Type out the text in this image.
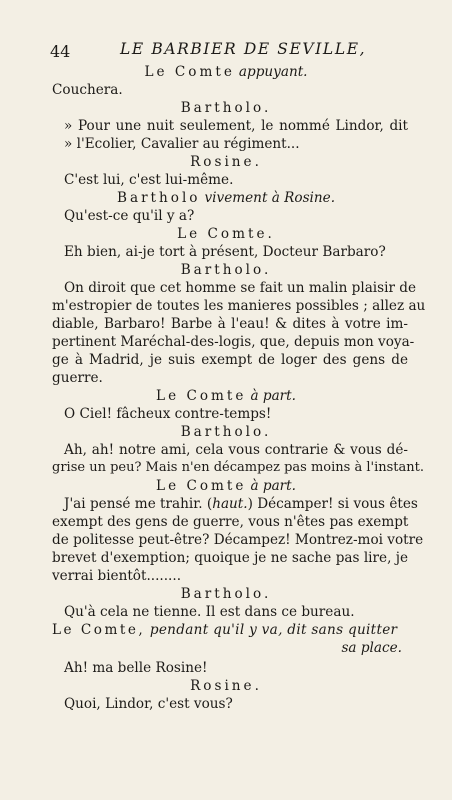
44	LE BARBIER DE SEVILLE,
Le Comte appuyant.
Couchera.
Bartholo.
» Pour une nuit seulement, le nommé Lindor, dit
» l'Ecolier, Cavalier au régiment...
Rosine.
C'est lui, c'est lui-même.
Bartholo vivement à Rosine.
Qu'est-ce qu'il y a?
Le Comte.
Eh bien, ai-je tort à présent, Docteur Barbaro?
Bartholo.
On diroit que cet homme se fait un malin plaisir de
m'estropier de toutes les manieres possibles ; allez au
diable, Barbaro! Barbe à l'eau! & dites à votre im-
pertinent Maréchal-des-logis, que, depuis mon voya-
ge à Madrid, je suis exempt de loger des gens de
guerre.
Le Comte à part.
O Ciel! fâcheux contre-temps!
Bartholo.
Ah, ah! notre ami, cela vous contrarie & vous dé-
grise un peu? Mais n'en décampez pas moins à l'instant.
Le Comte à part.
J'ai pensé me trahir. (haut.) Décamper! si vous êtes
exempt des gens de guerre, vous n'êtes pas exempt
de politesse peut-être? Décampez! Montrez-moi votre
brevet d'exemption; quoique je ne sache pas lire, je
verrai bientôt........
Bartholo.
Qu'à cela ne tienne. Il est dans ce bureau.
Le Comte, pendant qu'il y va, dit sans quitter
sa place.
Ah! ma belle Rosine!
Rosine.
Quoi, Lindor, c'est vous?
